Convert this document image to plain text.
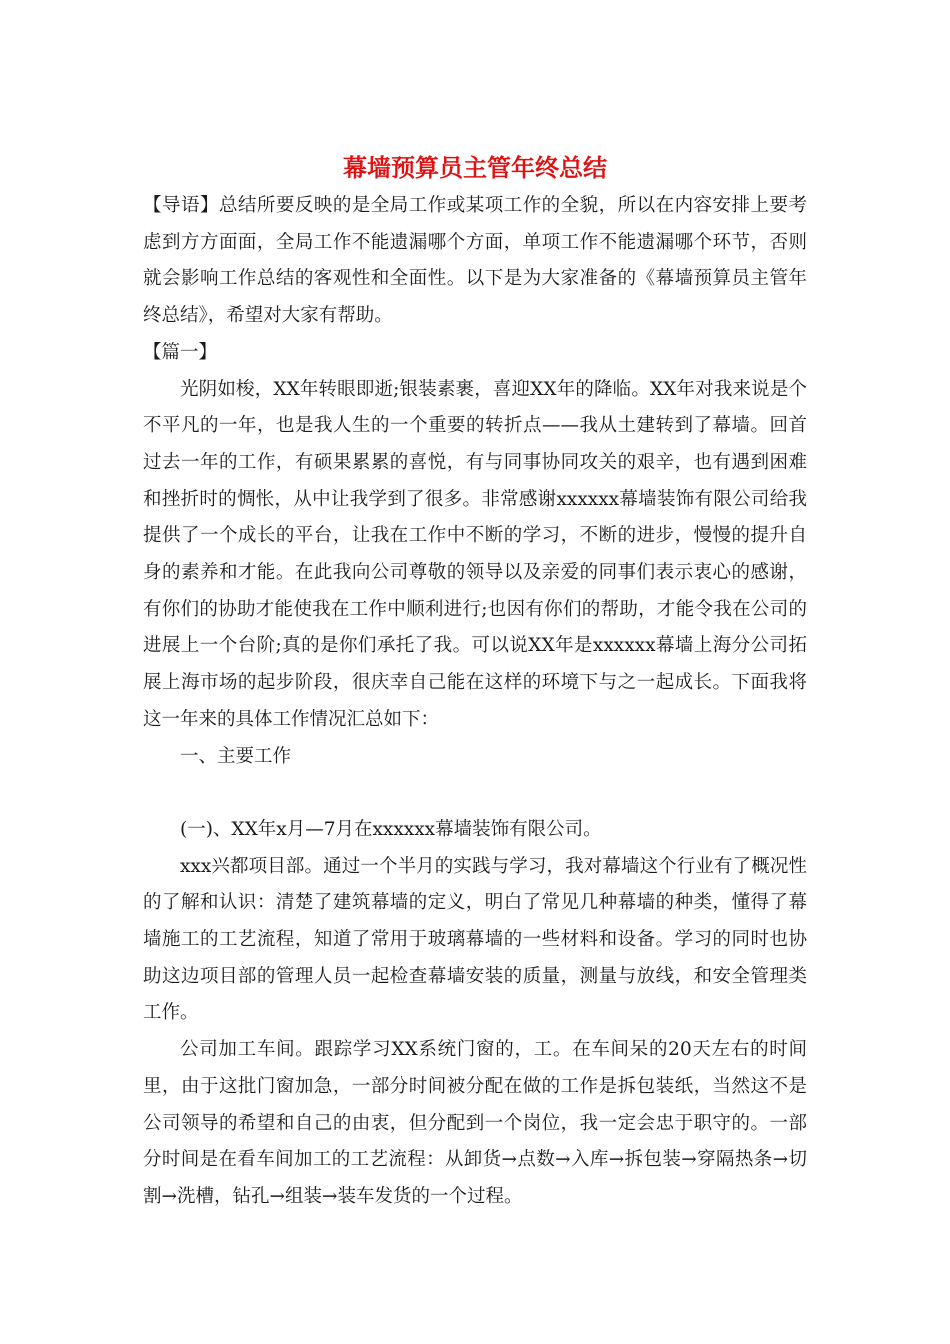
幕墙预算员主管年终总结

【导语】总结所要反映的是全局工作或某项工作的全貌，所以在内容安排上要考虑到方方面面，全局工作不能遗漏哪个方面，单项工作不能遗漏哪个环节，否则就会影响工作总结的客观性和全面性。以下是为大家准备的《幕墙预算员主管年终总结》，希望对大家有帮助。

【篇一】

光阴如梭，XX年转眼即逝;银装素裹，喜迎XX年的降临。XX年对我来说是个不平凡的一年，也是我人生的一个重要的转折点——我从土建转到了幕墙。回首过去一年的工作，有硕果累累的喜悦，有与同事协同攻关的艰辛，也有遇到困难和挫折时的惆怅，从中让我学到了很多。非常感谢xxxxxx幕墙装饰有限公司给我提供了一个成长的平台，让我在工作中不断的学习，不断的进步，慢慢的提升自身的素养和才能。在此我向公司尊敬的领导以及亲爱的同事们表示衷心的感谢，有你们的协助才能使我在工作中顺利进行;也因有你们的帮助，才能令我在公司的进展上一个台阶;真的是你们承托了我。可以说XX年是xxxxxx幕墙上海分公司拓展上海市场的起步阶段，很庆幸自己能在这样的环境下与之一起成长。下面我将这一年来的具体工作情况汇总如下：

一、主要工作

(一)、XX年x月—7月在xxxxxx幕墙装饰有限公司。

xxx兴都项目部。通过一个半月的实践与学习，我对幕墙这个行业有了概况性的了解和认识：清楚了建筑幕墙的定义，明白了常见几种幕墙的种类，懂得了幕墙施工的工艺流程，知道了常用于玻璃幕墙的一些材料和设备。学习的同时也协助这边项目部的管理人员一起检查幕墙安装的质量，测量与放线，和安全管理类工作。

公司加工车间。跟踪学习XX系统门窗的，工。在车间呆的20天左右的时间里，由于这批门窗加急，一部分时间被分配在做的工作是拆包装纸，当然这不是公司领导的希望和自己的由衷，但分配到一个岗位，我一定会忠于职守的。一部分时间是在看车间加工的工艺流程：从卸货→点数→入库→拆包装→穿隔热条→切割→洗槽，钻孔→组装→装车发货的一个过程。
